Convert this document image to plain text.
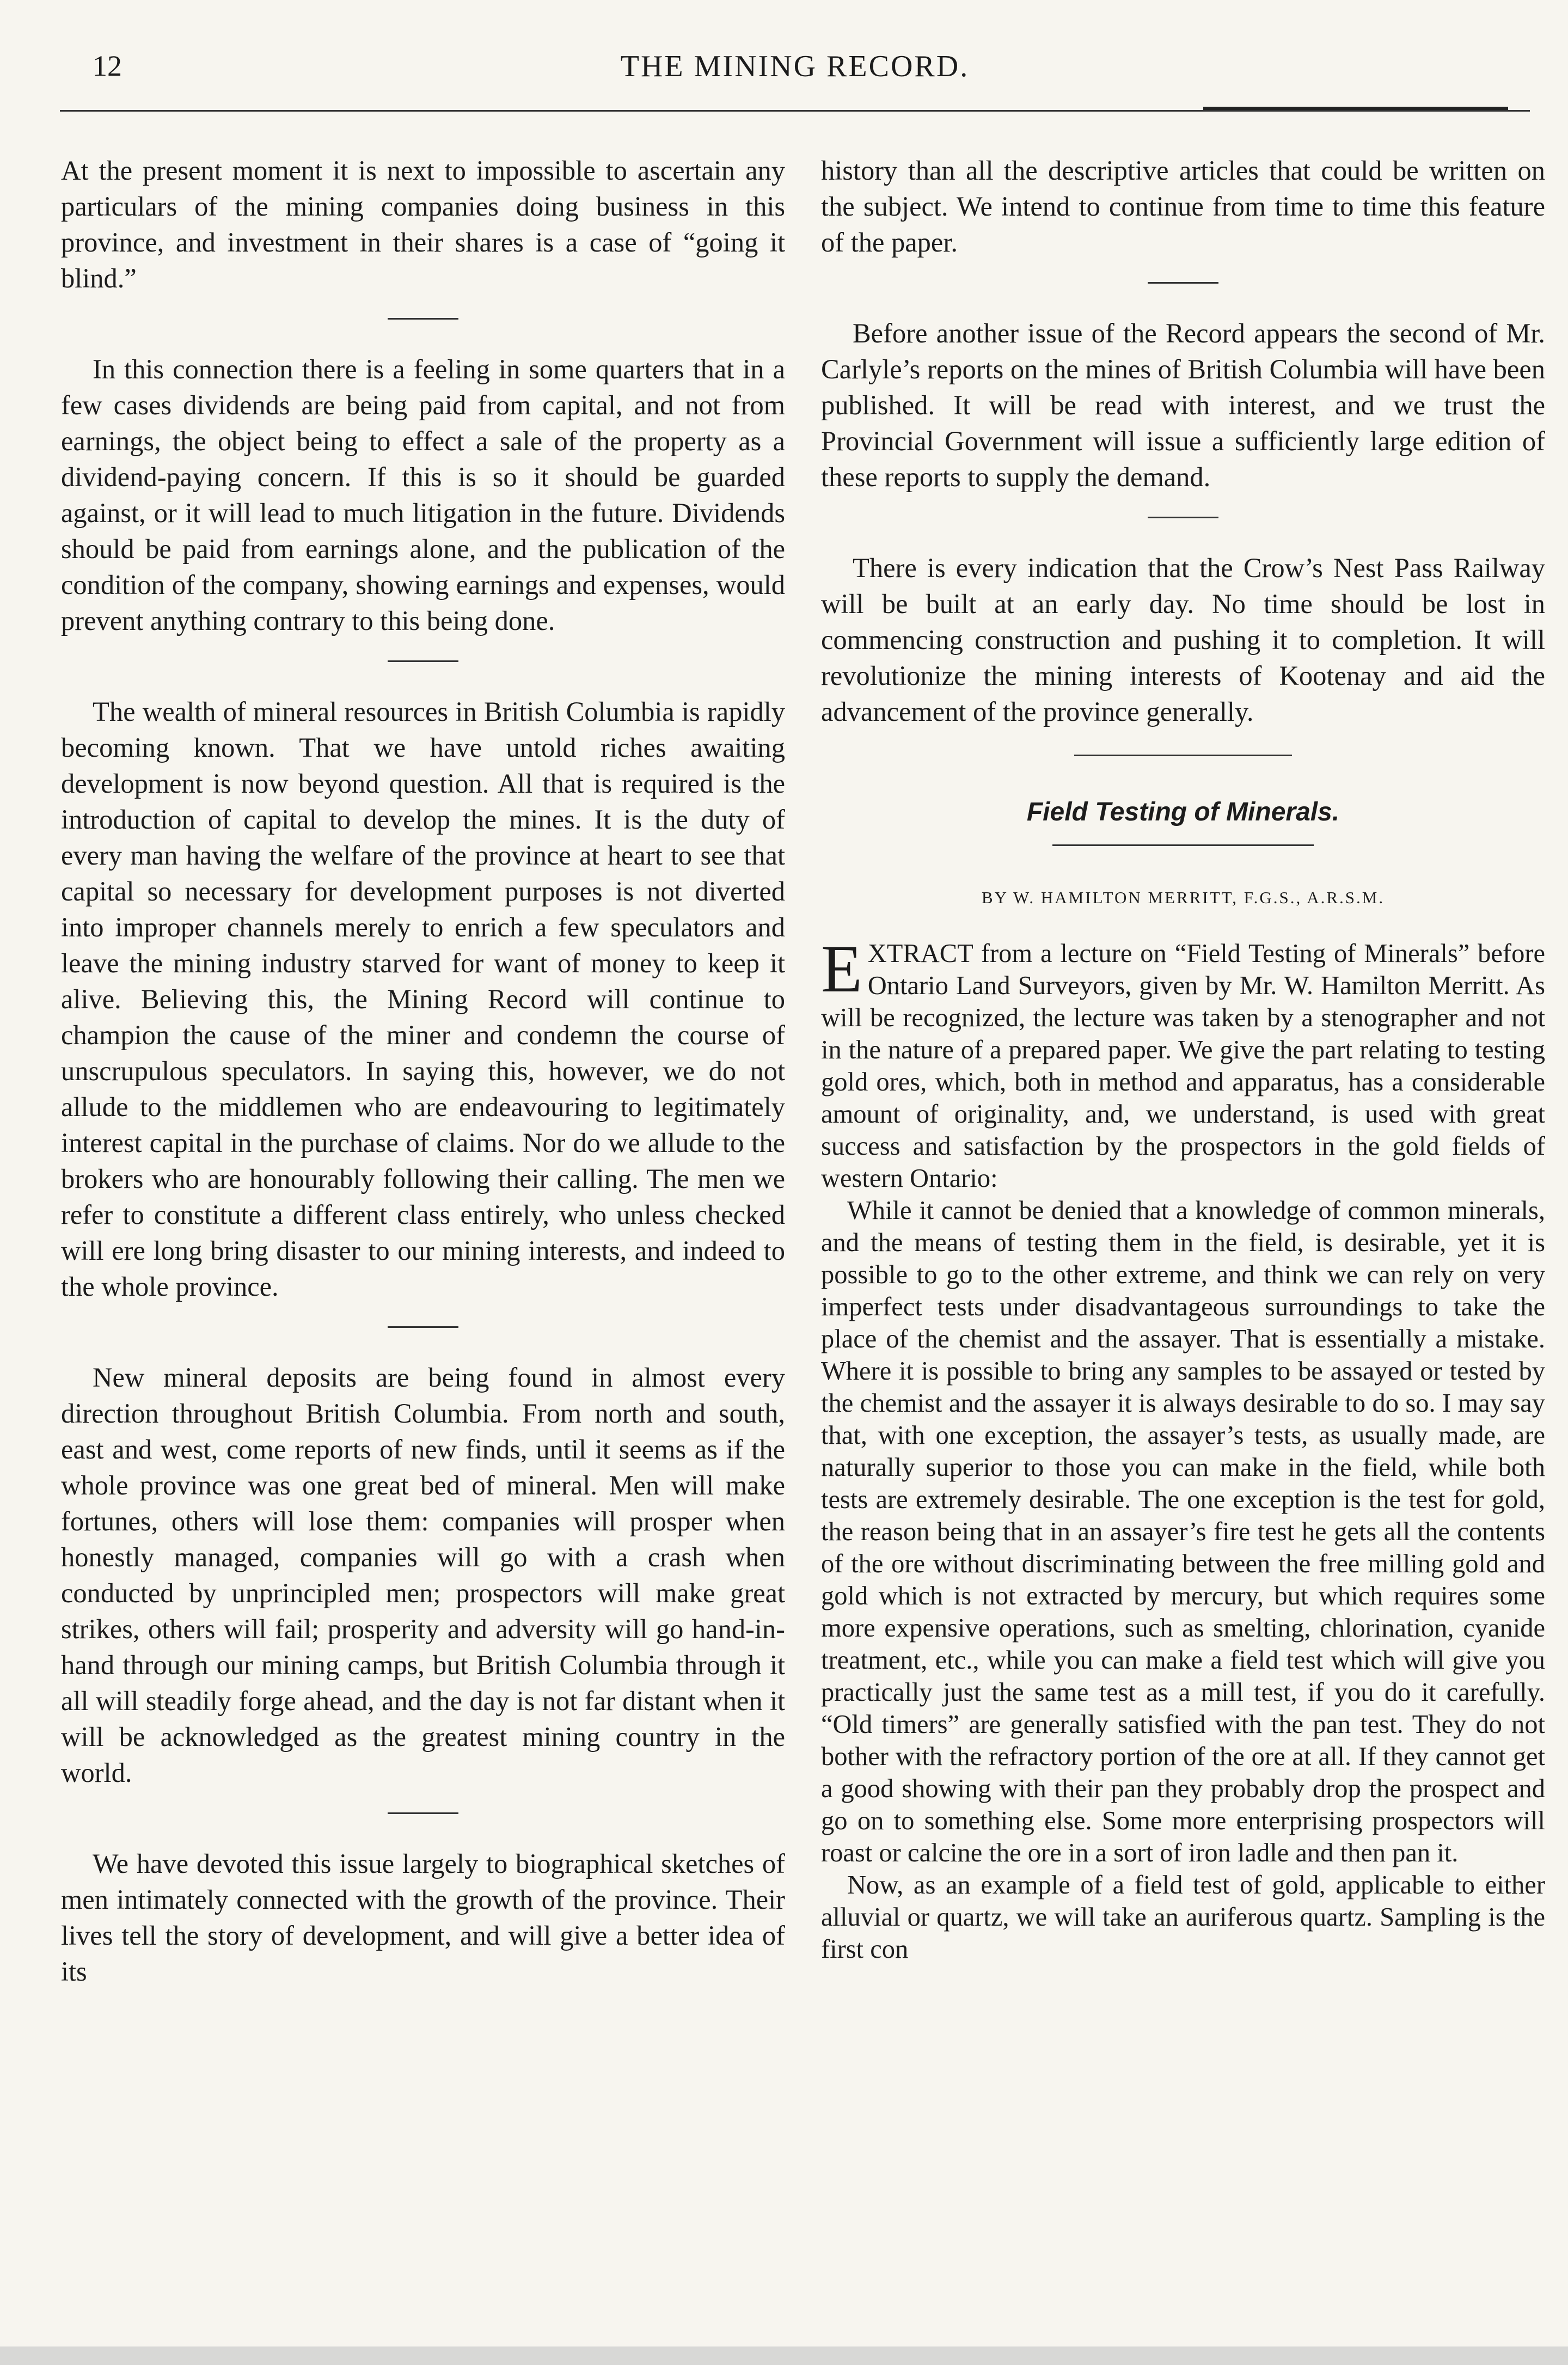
12	THE MINING RECORD.

At the present moment it is next to impossible to ascertain any particulars of the mining companies doing business in this province, and investment in their shares is a case of “going it blind.”

In this connection there is a feeling in some quarters that in a few cases dividends are being paid from capital, and not from earnings, the object being to effect a sale of the property as a dividend-paying concern. If this is so it should be guarded against, or it will lead to much litigation in the future. Dividends should be paid from earnings alone, and the publication of the condition of the company, showing earnings and expenses, would prevent anything contrary to this being done.

The wealth of mineral resources in British Columbia is rapidly becoming known. That we have untold riches awaiting development is now beyond question. All that is required is the introduction of capital to develop the mines. It is the duty of every man having the welfare of the province at heart to see that capital so necessary for development purposes is not diverted into improper channels merely to enrich a few speculators and leave the mining industry starved for want of money to keep it alive. Believing this, the Mining Record will continue to champion the cause of the miner and condemn the course of unscrupulous speculators. In saying this, however, we do not allude to the middlemen who are endeavouring to legitimately interest capital in the purchase of claims. Nor do we allude to the brokers who are honourably following their calling. The men we refer to constitute a different class entirely, who unless checked will ere long bring disaster to our mining interests, and indeed to the whole province.

New mineral deposits are being found in almost every direction throughout British Columbia. From north and south, east and west, come reports of new finds, until it seems as if the whole province was one great bed of mineral. Men will make fortunes, others will lose them: companies will prosper when honestly managed, companies will go with a crash when conducted by unprincipled men; prospectors will make great strikes, others will fail; prosperity and adversity will go hand-in-hand through our mining camps, but British Columbia through it all will steadily forge ahead, and the day is not far distant when it will be acknowledged as the greatest mining country in the world.

We have devoted this issue largely to biographical sketches of men intimately connected with the growth of the province. Their lives tell the story of development, and will give a better idea of its

history than all the descriptive articles that could be written on the subject. We intend to continue from time to time this feature of the paper.

Before another issue of the Record appears the second of Mr. Carlyle’s reports on the mines of British Columbia will have been published. It will be read with interest, and we trust the Provincial Government will issue a sufficiently large edition of these reports to supply the demand.

There is every indication that the Crow’s Nest Pass Railway will be built at an early day. No time should be lost in commencing construction and pushing it to completion. It will revolutionize the mining interests of Kootenay and aid the advancement of the province generally.

Field Testing of Minerals.

BY W. HAMILTON MERRITT, F.G.S., A.R.S.M.

EXTRACT from a lecture on “Field Testing of Minerals” before Ontario Land Surveyors, given by Mr. W. Hamilton Merritt. As will be recognized, the lecture was taken by a stenographer and not in the nature of a prepared paper. We give the part relating to testing gold ores, which, both in method and apparatus, has a considerable amount of originality, and, we understand, is used with great success and satisfaction by the prospectors in the gold fields of western Ontario:

While it cannot be denied that a knowledge of common minerals, and the means of testing them in the field, is desirable, yet it is possible to go to the other extreme, and think we can rely on very imperfect tests under disadvantageous surroundings to take the place of the chemist and the assayer. That is essentially a mistake. Where it is possible to bring any samples to be assayed or tested by the chemist and the assayer it is always desirable to do so. I may say that, with one exception, the assayer’s tests, as usually made, are naturally superior to those you can make in the field, while both tests are extremely desirable. The one exception is the test for gold, the reason being that in an assayer’s fire test he gets all the contents of the ore without discriminating between the free milling gold and gold which is not extracted by mercury, but which requires some more expensive operations, such as smelting, chlorination, cyanide treatment, etc., while you can make a field test which will give you practically just the same test as a mill test, if you do it carefully. “Old timers” are generally satisfied with the pan test. They do not bother with the refractory portion of the ore at all. If they cannot get a good showing with their pan they probably drop the prospect and go on to something else. Some more enterprising prospectors will roast or calcine the ore in a sort of iron ladle and then pan it.

Now, as an example of a field test of gold, applicable to either alluvial or quartz, we will take an auriferous quartz. Sampling is the first con
